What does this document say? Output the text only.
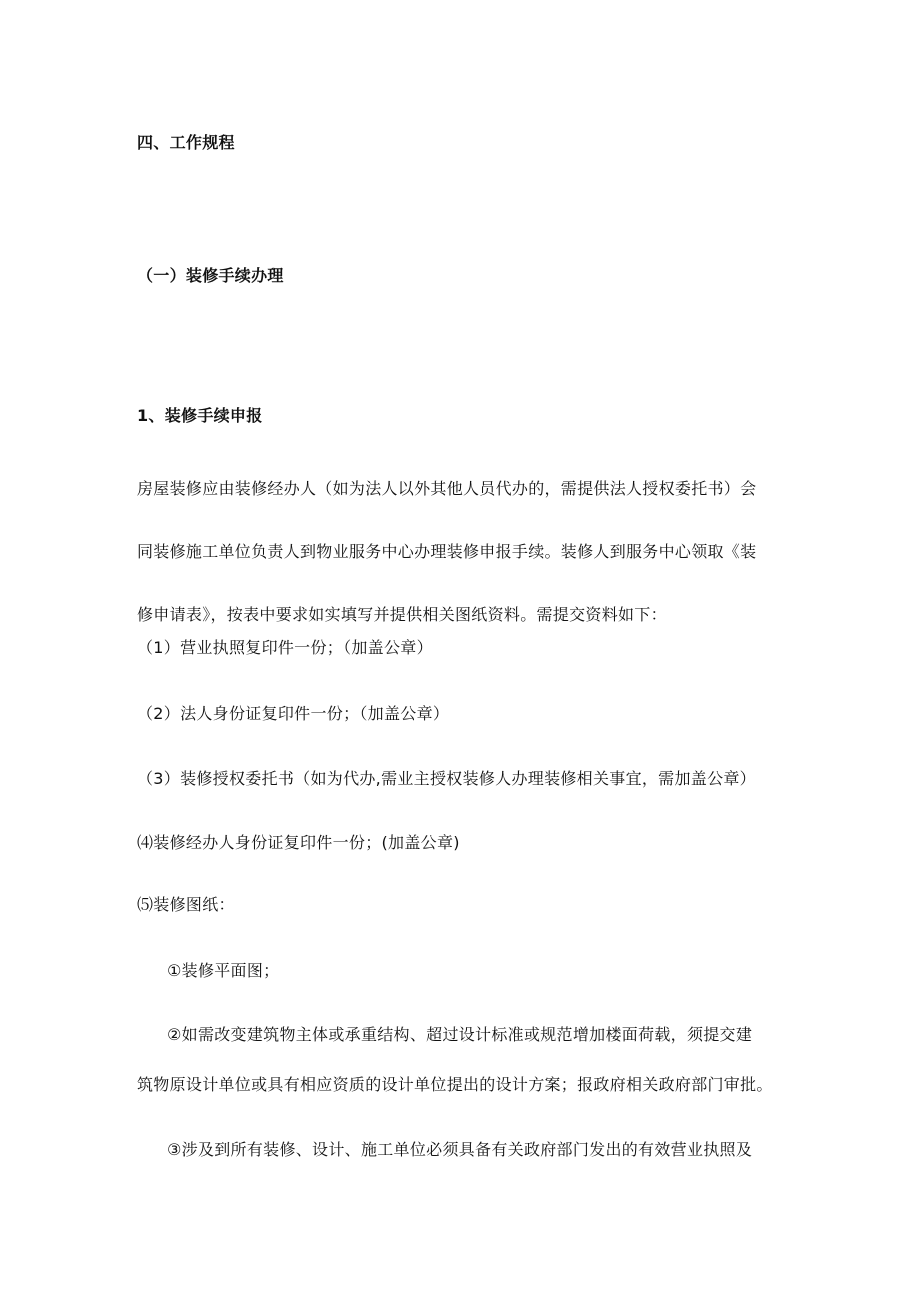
四、工作规程
（一）装修手续办理
1、装修手续申报
房屋装修应由装修经办人（如为法人以外其他人员代办的，需提供法人授权委托书）会
同装修施工单位负责人到物业服务中心办理装修申报手续。装修人到服务中心领取《装
修申请表》，按表中要求如实填写并提供相关图纸资料。需提交资料如下：
（1）营业执照复印件一份；（加盖公章）
（2）法人身份证复印件一份；（加盖公章）
（3）装修授权委托书（如为代办,需业主授权装修人办理装修相关事宜，需加盖公章）
⑷装修经办人身份证复印件一份；(加盖公章)
⑸装修图纸：
①装修平面图；
②如需改变建筑物主体或承重结构、超过设计标准或规范增加楼面荷载，须提交建
筑物原设计单位或具有相应资质的设计单位提出的设计方案；报政府相关政府部门审批。
③涉及到所有装修、设计、施工单位必须具备有关政府部门发出的有效营业执照及
